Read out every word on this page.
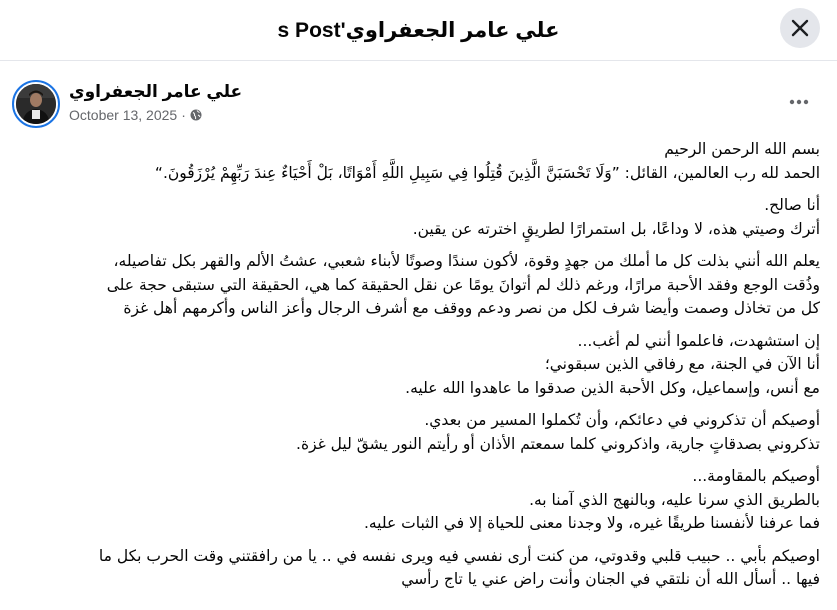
علي عامر الجعفراوي's Post
علي عامر الجعفراوي
October 13, 2025 ·

بسم الله الرحمن الرحيم
الحمد لله رب العالمين، القائل: ”وَلَا تَحْسَبَنَّ الَّذِينَ قُتِلُوا فِي سَبِيلِ اللَّهِ أَمْوَاتًا، بَلْ أَحْيَاءٌ عِندَ رَبِّهِمْ يُرْزَقُونَ.“

أنا صالح.
أترك وصيتي هذه، لا وداعًا، بل استمرارًا لطريقٍ اخترته عن يقين.

يعلم الله أنني بذلت كل ما أملك من جهدٍ وقوة، لأكون سندًا وصوتًا لأبناء شعبي، عشتُ الألم والقهر بكل تفاصيله،
وذُقت الوجع وفقد الأحبة مرارًا، ورغم ذلك لم أتوانَ يومًا عن نقل الحقيقة كما هي، الحقيقة التي ستبقى حجة على
كل من تخاذل وصمت وأيضا شرف لكل من نصر ودعم ووقف مع أشرف الرجال وأعز الناس وأكرمهم أهل غزة

إن استشهدت، فاعلموا أنني لم أغب...
أنا الآن في الجنة، مع رفاقي الذين سبقوني؛
مع أنس، وإسماعيل، وكل الأحبة الذين صدقوا ما عاهدوا الله عليه.

أوصيكم أن تذكروني في دعائكم، وأن تُكملوا المسير من بعدي.
تذكروني بصدقاتٍ جارية، واذكروني كلما سمعتم الأذان أو رأيتم النور يشقّ ليل غزة.

أوصيكم بالمقاومة...
بالطريق الذي سرنا عليه، وبالنهج الذي آمنا به.
فما عرفنا لأنفسنا طريقًا غيره، ولا وجدنا معنى للحياة إلا في الثبات عليه.

اوصيكم بأبي .. حبيب قلبي وقدوتي، من كنت أرى نفسي فيه ويرى نفسه في .. يا من رافقتني وقت الحرب بكل ما
فيها .. أسأل الله أن نلتقي في الجنان وأنت راض عني يا تاج رأسي
